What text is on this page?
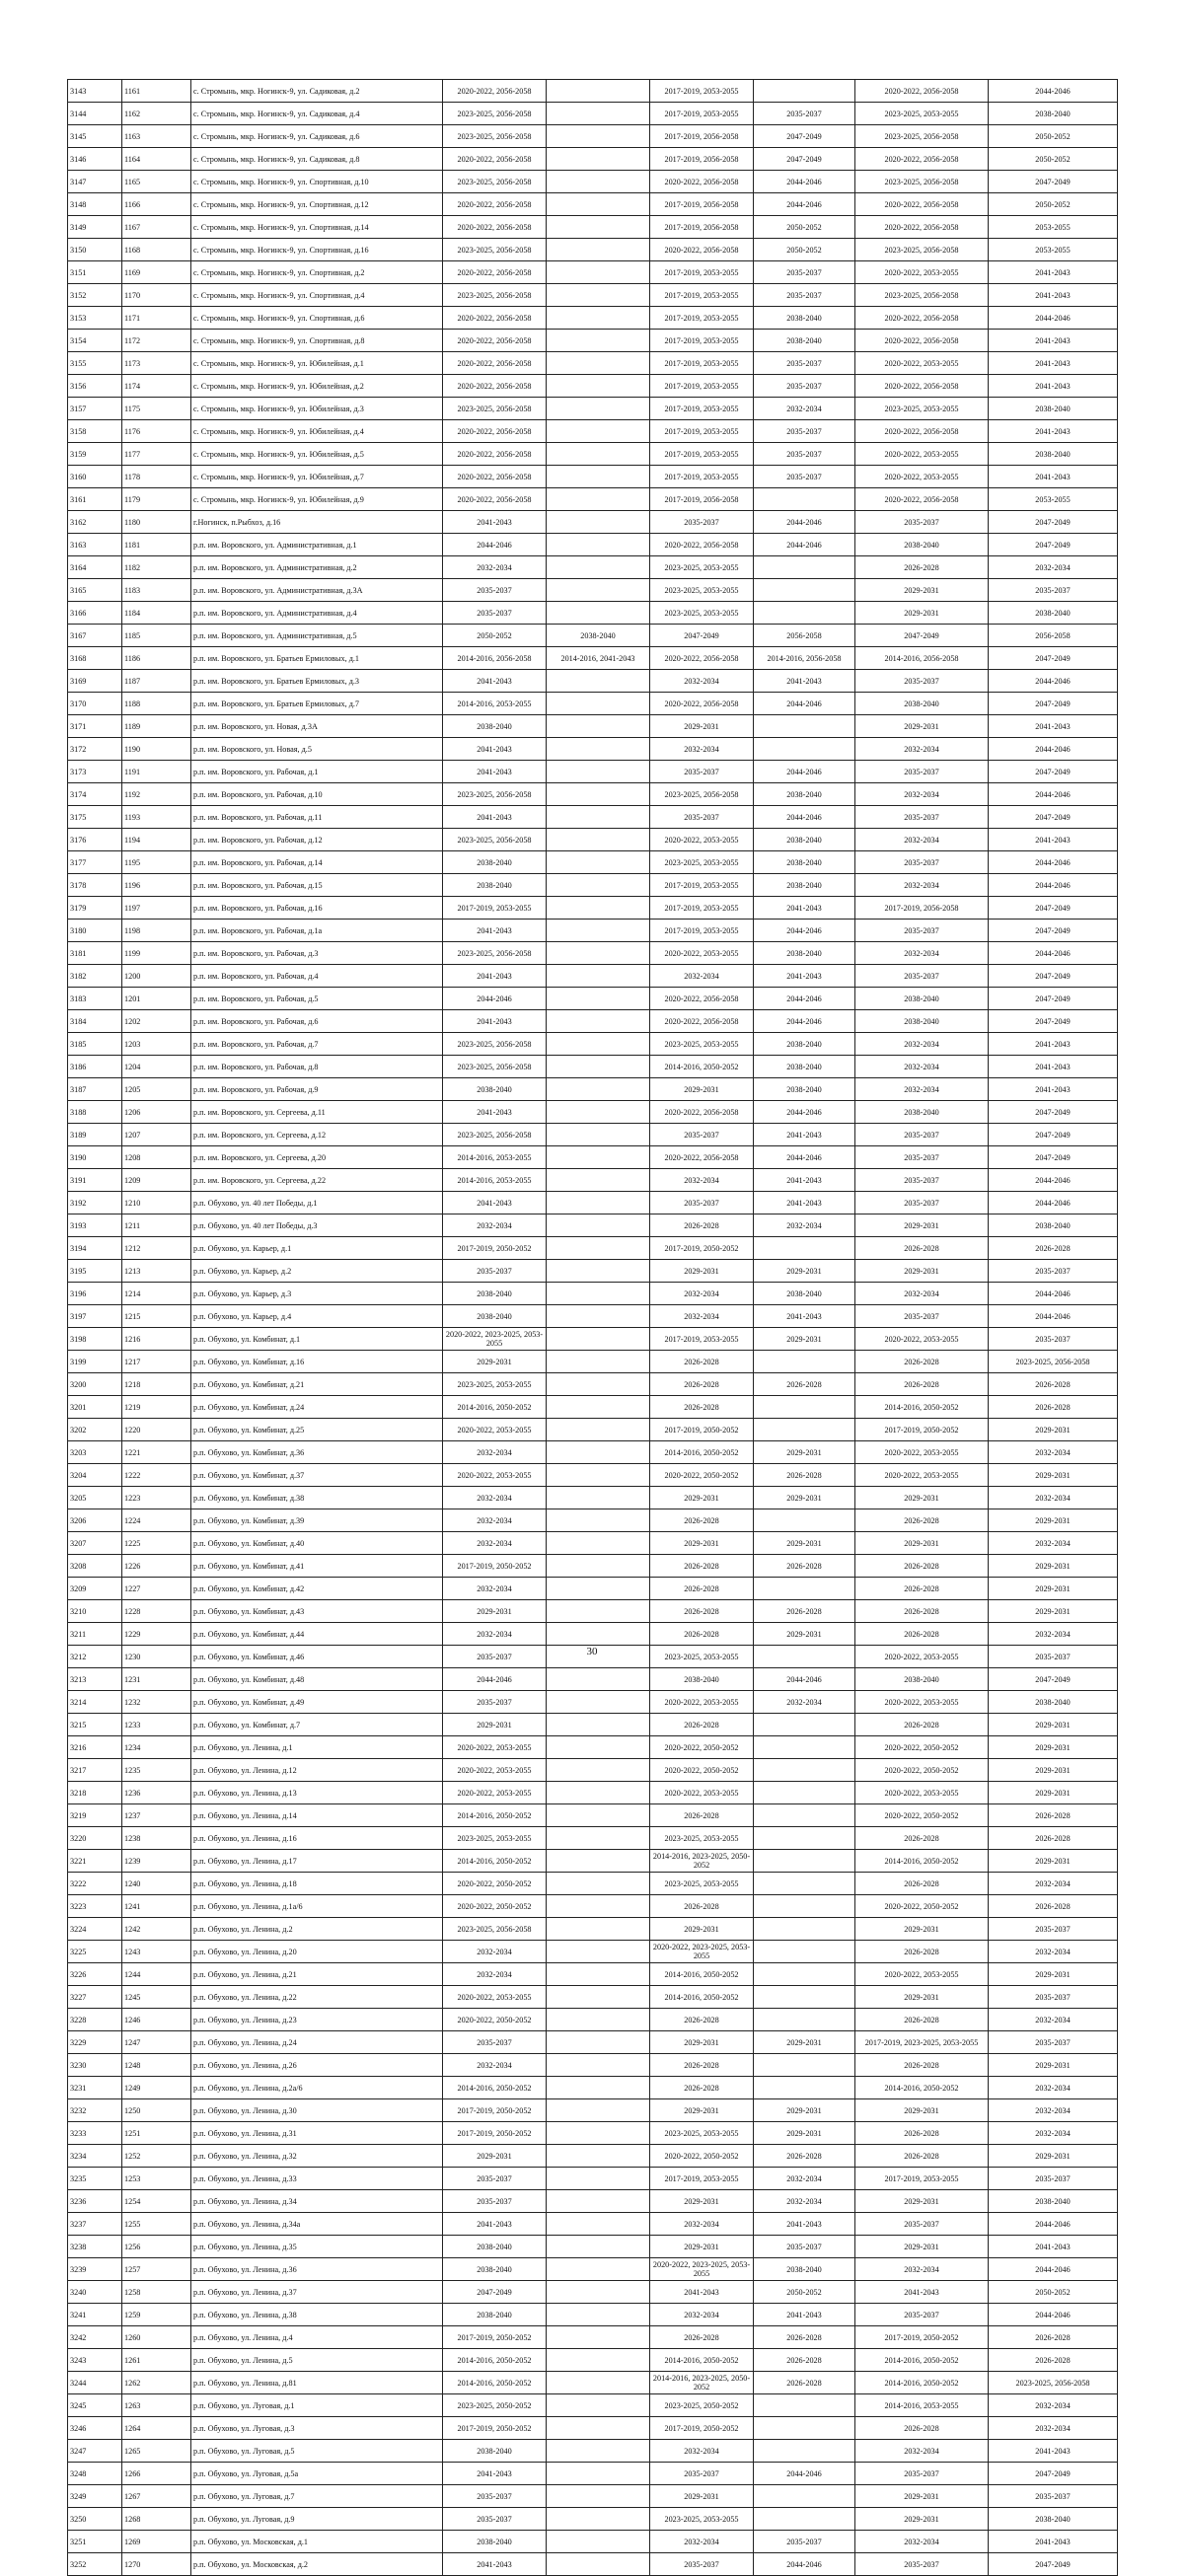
3143	1161	с. Стромынь, мкр. Ногинск-9, ул. Садиковая, д.2	2020-2022, 2056-2058		2017-2019, 2053-2055		2020-2022, 2056-2058	2044-2046
3144	1162	с. Стромынь, мкр. Ногинск-9, ул. Садиковая, д.4	2023-2025, 2056-2058		2017-2019, 2053-2055	2035-2037	2023-2025, 2053-2055	2038-2040
3145	1163	с. Стромынь, мкр. Ногинск-9, ул. Садиковая, д.6	2023-2025, 2056-2058		2017-2019, 2056-2058	2047-2049	2023-2025, 2056-2058	2050-2052
3146	1164	с. Стромынь, мкр. Ногинск-9, ул. Садиковая, д.8	2020-2022, 2056-2058		2017-2019, 2056-2058	2047-2049	2020-2022, 2056-2058	2050-2052
3147	1165	с. Стромынь, мкр. Ногинск-9, ул. Спортивная, д.10	2023-2025, 2056-2058		2020-2022, 2056-2058	2044-2046	2023-2025, 2056-2058	2047-2049
3148	1166	с. Стромынь, мкр. Ногинск-9, ул. Спортивная, д.12	2020-2022, 2056-2058		2017-2019, 2056-2058	2044-2046	2020-2022, 2056-2058	2050-2052
3149	1167	с. Стромынь, мкр. Ногинск-9, ул. Спортивная, д.14	2020-2022, 2056-2058		2017-2019, 2056-2058	2050-2052	2020-2022, 2056-2058	2053-2055
3150	1168	с. Стромынь, мкр. Ногинск-9, ул. Спортивная, д.16	2023-2025, 2056-2058		2020-2022, 2056-2058	2050-2052	2023-2025, 2056-2058	2053-2055
3151	1169	с. Стромынь, мкр. Ногинск-9, ул. Спортивная, д.2	2020-2022, 2056-2058		2017-2019, 2053-2055	2035-2037	2020-2022, 2053-2055	2041-2043
3152	1170	с. Стромынь, мкр. Ногинск-9, ул. Спортивная, д.4	2023-2025, 2056-2058		2017-2019, 2053-2055	2035-2037	2023-2025, 2056-2058	2041-2043
3153	1171	с. Стромынь, мкр. Ногинск-9, ул. Спортивная, д.6	2020-2022, 2056-2058		2017-2019, 2053-2055	2038-2040	2020-2022, 2056-2058	2044-2046
3154	1172	с. Стромынь, мкр. Ногинск-9, ул. Спортивная, д.8	2020-2022, 2056-2058		2017-2019, 2053-2055	2038-2040	2020-2022, 2056-2058	2041-2043
3155	1173	с. Стромынь, мкр. Ногинск-9, ул. Юбилейная, д.1	2020-2022, 2056-2058		2017-2019, 2053-2055	2035-2037	2020-2022, 2053-2055	2041-2043
3156	1174	с. Стромынь, мкр. Ногинск-9, ул. Юбилейная, д.2	2020-2022, 2056-2058		2017-2019, 2053-2055	2035-2037	2020-2022, 2056-2058	2041-2043
3157	1175	с. Стромынь, мкр. Ногинск-9, ул. Юбилейная, д.3	2023-2025, 2056-2058		2017-2019, 2053-2055	2032-2034	2023-2025, 2053-2055	2038-2040
3158	1176	с. Стромынь, мкр. Ногинск-9, ул. Юбилейная, д.4	2020-2022, 2056-2058		2017-2019, 2053-2055	2035-2037	2020-2022, 2056-2058	2041-2043
3159	1177	с. Стромынь, мкр. Ногинск-9, ул. Юбилейная, д.5	2020-2022, 2056-2058		2017-2019, 2053-2055	2035-2037	2020-2022, 2053-2055	2038-2040
3160	1178	с. Стромынь, мкр. Ногинск-9, ул. Юбилейная, д.7	2020-2022, 2056-2058		2017-2019, 2053-2055	2035-2037	2020-2022, 2053-2055	2041-2043
3161	1179	с. Стромынь, мкр. Ногинск-9, ул. Юбилейная, д.9	2020-2022, 2056-2058		2017-2019, 2056-2058		2020-2022, 2056-2058	2053-2055
3162	1180	г.Ногинск, п.Рыбхоз, д.16	2041-2043		2035-2037	2044-2046	2035-2037	2047-2049
3163	1181	р.п. им. Воровского, ул. Административная, д.1	2044-2046		2020-2022, 2056-2058	2044-2046	2038-2040	2047-2049
3164	1182	р.п. им. Воровского, ул. Административная, д.2	2032-2034		2023-2025, 2053-2055		2026-2028	2032-2034
3165	1183	р.п. им. Воровского, ул. Административная, д.3А	2035-2037		2023-2025, 2053-2055		2029-2031	2035-2037
3166	1184	р.п. им. Воровского, ул. Административная, д.4	2035-2037		2023-2025, 2053-2055		2029-2031	2038-2040
3167	1185	р.п. им. Воровского, ул. Административная, д.5	2050-2052	2038-2040	2047-2049	2056-2058	2047-2049	2056-2058
3168	1186	р.п. им. Воровского, ул. Братьев Ермиловых, д.1	2014-2016, 2056-2058	2014-2016, 2041-2043	2020-2022, 2056-2058	2014-2016, 2056-2058	2014-2016, 2056-2058	2047-2049
3169	1187	р.п. им. Воровского, ул. Братьев Ермиловых, д.3	2041-2043		2032-2034	2041-2043	2035-2037	2044-2046
3170	1188	р.п. им. Воровского, ул. Братьев Ермиловых, д.7	2014-2016, 2053-2055		2020-2022, 2056-2058	2044-2046	2038-2040	2047-2049
3171	1189	р.п. им. Воровского, ул. Новая, д.3А	2038-2040		2029-2031		2029-2031	2041-2043
3172	1190	р.п. им. Воровского, ул. Новая, д.5	2041-2043		2032-2034		2032-2034	2044-2046
3173	1191	р.п. им. Воровского, ул. Рабочая, д.1	2041-2043		2035-2037	2044-2046	2035-2037	2047-2049
3174	1192	р.п. им. Воровского, ул. Рабочая, д.10	2023-2025, 2056-2058		2023-2025, 2056-2058	2038-2040	2032-2034	2044-2046
3175	1193	р.п. им. Воровского, ул. Рабочая, д.11	2041-2043		2035-2037	2044-2046	2035-2037	2047-2049
3176	1194	р.п. им. Воровского, ул. Рабочая, д.12	2023-2025, 2056-2058		2020-2022, 2053-2055	2038-2040	2032-2034	2041-2043
3177	1195	р.п. им. Воровского, ул. Рабочая, д.14	2038-2040		2023-2025, 2053-2055	2038-2040	2035-2037	2044-2046
3178	1196	р.п. им. Воровского, ул. Рабочая, д.15	2038-2040		2017-2019, 2053-2055	2038-2040	2032-2034	2044-2046
3179	1197	р.п. им. Воровского, ул. Рабочая, д.16	2017-2019, 2053-2055		2017-2019, 2053-2055	2041-2043	2017-2019, 2056-2058	2047-2049
3180	1198	р.п. им. Воровского, ул. Рабочая, д.1а	2041-2043		2017-2019, 2053-2055	2044-2046	2035-2037	2047-2049
3181	1199	р.п. им. Воровского, ул. Рабочая, д.3	2023-2025, 2056-2058		2020-2022, 2053-2055	2038-2040	2032-2034	2044-2046
3182	1200	р.п. им. Воровского, ул. Рабочая, д.4	2041-2043		2032-2034	2041-2043	2035-2037	2047-2049
3183	1201	р.п. им. Воровского, ул. Рабочая, д.5	2044-2046		2020-2022, 2056-2058	2044-2046	2038-2040	2047-2049
3184	1202	р.п. им. Воровского, ул. Рабочая, д.6	2041-2043		2020-2022, 2056-2058	2044-2046	2038-2040	2047-2049
3185	1203	р.п. им. Воровского, ул. Рабочая, д.7	2023-2025, 2056-2058		2023-2025, 2053-2055	2038-2040	2032-2034	2041-2043
3186	1204	р.п. им. Воровского, ул. Рабочая, д.8	2023-2025, 2056-2058		2014-2016, 2050-2052	2038-2040	2032-2034	2041-2043
3187	1205	р.п. им. Воровского, ул. Рабочая, д.9	2038-2040		2029-2031	2038-2040	2032-2034	2041-2043
3188	1206	р.п. им. Воровского, ул. Сергеева, д.11	2041-2043		2020-2022, 2056-2058	2044-2046	2038-2040	2047-2049
3189	1207	р.п. им. Воровского, ул. Сергеева, д.12	2023-2025, 2056-2058		2035-2037	2041-2043	2035-2037	2047-2049
3190	1208	р.п. им. Воровского, ул. Сергеева, д.20	2014-2016, 2053-2055		2020-2022, 2056-2058	2044-2046	2035-2037	2047-2049
3191	1209	р.п. им. Воровского, ул. Сергеева, д.22	2014-2016, 2053-2055		2032-2034	2041-2043	2035-2037	2044-2046
3192	1210	р.п. Обухово, ул. 40 лет Победы, д.1	2041-2043		2035-2037	2041-2043	2035-2037	2044-2046
3193	1211	р.п. Обухово, ул. 40 лет Победы, д.3	2032-2034		2026-2028	2032-2034	2029-2031	2038-2040
3194	1212	р.п. Обухово, ул. Карьер, д.1	2017-2019, 2050-2052		2017-2019, 2050-2052		2026-2028	2026-2028
3195	1213	р.п. Обухово, ул. Карьер, д.2	2035-2037		2029-2031	2029-2031	2029-2031	2035-2037
3196	1214	р.п. Обухово, ул. Карьер, д.3	2038-2040		2032-2034	2038-2040	2032-2034	2044-2046
3197	1215	р.п. Обухово, ул. Карьер, д.4	2038-2040		2032-2034	2041-2043	2035-2037	2044-2046
3198	1216	р.п. Обухово, ул. Комбинат, д.1	2020-2022, 2023-2025, 2053-2055		2017-2019, 2053-2055	2029-2031	2020-2022, 2053-2055	2035-2037
3199	1217	р.п. Обухово, ул. Комбинат, д.16	2029-2031		2026-2028		2026-2028	2023-2025, 2056-2058
3200	1218	р.п. Обухово, ул. Комбинат, д.21	2023-2025, 2053-2055		2026-2028	2026-2028	2026-2028	2026-2028
3201	1219	р.п. Обухово, ул. Комбинат, д.24	2014-2016, 2050-2052		2026-2028		2014-2016, 2050-2052	2026-2028
3202	1220	р.п. Обухово, ул. Комбинат, д.25	2020-2022, 2053-2055		2017-2019, 2050-2052		2017-2019, 2050-2052	2029-2031
3203	1221	р.п. Обухово, ул. Комбинат, д.36	2032-2034		2014-2016, 2050-2052	2029-2031	2020-2022, 2053-2055	2032-2034
3204	1222	р.п. Обухово, ул. Комбинат, д.37	2020-2022, 2053-2055		2020-2022, 2050-2052	2026-2028	2020-2022, 2053-2055	2029-2031
3205	1223	р.п. Обухово, ул. Комбинат, д.38	2032-2034		2029-2031	2029-2031	2029-2031	2032-2034
3206	1224	р.п. Обухово, ул. Комбинат, д.39	2032-2034		2026-2028		2026-2028	2029-2031
3207	1225	р.п. Обухово, ул. Комбинат, д.40	2032-2034		2029-2031	2029-2031	2029-2031	2032-2034
3208	1226	р.п. Обухово, ул. Комбинат, д.41	2017-2019, 2050-2052		2026-2028	2026-2028	2026-2028	2029-2031
3209	1227	р.п. Обухово, ул. Комбинат, д.42	2032-2034		2026-2028		2026-2028	2029-2031
3210	1228	р.п. Обухово, ул. Комбинат, д.43	2029-2031		2026-2028	2026-2028	2026-2028	2029-2031
3211	1229	р.п. Обухово, ул. Комбинат, д.44	2032-2034		2026-2028	2029-2031	2026-2028	2032-2034
3212	1230	р.п. Обухово, ул. Комбинат, д.46	2035-2037		2023-2025, 2053-2055		2020-2022, 2053-2055	2035-2037
3213	1231	р.п. Обухово, ул. Комбинат, д.48	2044-2046		2038-2040	2044-2046	2038-2040	2047-2049
3214	1232	р.п. Обухово, ул. Комбинат, д.49	2035-2037		2020-2022, 2053-2055	2032-2034	2020-2022, 2053-2055	2038-2040
3215	1233	р.п. Обухово, ул. Комбинат, д.7	2029-2031		2026-2028		2026-2028	2029-2031
3216	1234	р.п. Обухово, ул. Ленина, д.1	2020-2022, 2053-2055		2020-2022, 2050-2052		2020-2022, 2050-2052	2029-2031
3217	1235	р.п. Обухово, ул. Ленина, д.12	2020-2022, 2053-2055		2020-2022, 2050-2052		2020-2022, 2050-2052	2029-2031
3218	1236	р.п. Обухово, ул. Ленина, д.13	2020-2022, 2053-2055		2020-2022, 2053-2055		2020-2022, 2053-2055	2029-2031
3219	1237	р.п. Обухово, ул. Ленина, д.14	2014-2016, 2050-2052		2026-2028		2020-2022, 2050-2052	2026-2028
3220	1238	р.п. Обухово, ул. Ленина, д.16	2023-2025, 2053-2055		2023-2025, 2053-2055		2026-2028	2026-2028
3221	1239	р.п. Обухово, ул. Ленина, д.17	2014-2016, 2050-2052		2014-2016, 2023-2025, 2050-2052		2014-2016, 2050-2052	2029-2031
3222	1240	р.п. Обухово, ул. Ленина, д.18	2020-2022, 2050-2052		2023-2025, 2053-2055		2026-2028	2032-2034
3223	1241	р.п. Обухово, ул. Ленина, д.1а/6	2020-2022, 2050-2052		2026-2028		2020-2022, 2050-2052	2026-2028
3224	1242	р.п. Обухово, ул. Ленина, д.2	2023-2025, 2056-2058		2029-2031		2029-2031	2035-2037
3225	1243	р.п. Обухово, ул. Ленина, д.20	2032-2034		2020-2022, 2023-2025, 2053-2055		2026-2028	2032-2034
3226	1244	р.п. Обухово, ул. Ленина, д.21	2032-2034		2014-2016, 2050-2052		2020-2022, 2053-2055	2029-2031
3227	1245	р.п. Обухово, ул. Ленина, д.22	2020-2022, 2053-2055		2014-2016, 2050-2052		2029-2031	2035-2037
3228	1246	р.п. Обухово, ул. Ленина, д.23	2020-2022, 2050-2052		2026-2028		2026-2028	2032-2034
3229	1247	р.п. Обухово, ул. Ленина, д.24	2035-2037		2029-2031	2029-2031	2017-2019, 2023-2025, 2053-2055	2035-2037
3230	1248	р.п. Обухово, ул. Ленина, д.26	2032-2034		2026-2028		2026-2028	2029-2031
3231	1249	р.п. Обухово, ул. Ленина, д.2а/6	2014-2016, 2050-2052		2026-2028		2014-2016, 2050-2052	2032-2034
3232	1250	р.п. Обухово, ул. Ленина, д.30	2017-2019, 2050-2052		2029-2031	2029-2031	2029-2031	2032-2034
3233	1251	р.п. Обухово, ул. Ленина, д.31	2017-2019, 2050-2052		2023-2025, 2053-2055	2029-2031	2026-2028	2032-2034
3234	1252	р.п. Обухово, ул. Ленина, д.32	2029-2031		2020-2022, 2050-2052	2026-2028	2026-2028	2029-2031
3235	1253	р.п. Обухово, ул. Ленина, д.33	2035-2037		2017-2019, 2053-2055	2032-2034	2017-2019, 2053-2055	2035-2037
3236	1254	р.п. Обухово, ул. Ленина, д.34	2035-2037		2029-2031	2032-2034	2029-2031	2038-2040
3237	1255	р.п. Обухово, ул. Ленина, д.34а	2041-2043		2032-2034	2041-2043	2035-2037	2044-2046
3238	1256	р.п. Обухово, ул. Ленина, д.35	2038-2040		2029-2031	2035-2037	2029-2031	2041-2043
3239	1257	р.п. Обухово, ул. Ленина, д.36	2038-2040		2020-2022, 2023-2025, 2053-2055	2038-2040	2032-2034	2044-2046
3240	1258	р.п. Обухово, ул. Ленина, д.37	2047-2049		2041-2043	2050-2052	2041-2043	2050-2052
3241	1259	р.п. Обухово, ул. Ленина, д.38	2038-2040		2032-2034	2041-2043	2035-2037	2044-2046
3242	1260	р.п. Обухово, ул. Ленина, д.4	2017-2019, 2050-2052		2026-2028	2026-2028	2017-2019, 2050-2052	2026-2028
3243	1261	р.п. Обухово, ул. Ленина, д.5	2014-2016, 2050-2052		2014-2016, 2050-2052	2026-2028	2014-2016, 2050-2052	2026-2028
3244	1262	р.п. Обухово, ул. Ленина, д.81	2014-2016, 2050-2052		2014-2016, 2023-2025, 2050-2052	2026-2028	2014-2016, 2050-2052	2023-2025, 2056-2058
3245	1263	р.п. Обухово, ул. Луговая, д.1	2023-2025, 2050-2052		2023-2025, 2050-2052		2014-2016, 2053-2055	2032-2034
3246	1264	р.п. Обухово, ул. Луговая, д.3	2017-2019, 2050-2052		2017-2019, 2050-2052		2026-2028	2032-2034
3247	1265	р.п. Обухово, ул. Луговая, д.5	2038-2040		2032-2034		2032-2034	2041-2043
3248	1266	р.п. Обухово, ул. Луговая, д.5а	2041-2043		2035-2037	2044-2046	2035-2037	2047-2049
3249	1267	р.п. Обухово, ул. Луговая, д.7	2035-2037		2029-2031		2029-2031	2035-2037
3250	1268	р.п. Обухово, ул. Луговая, д.9	2035-2037		2023-2025, 2053-2055		2029-2031	2038-2040
3251	1269	р.п. Обухово, ул. Московская, д.1	2038-2040		2032-2034	2035-2037	2032-2034	2041-2043
3252	1270	р.п. Обухово, ул. Московская, д.2	2041-2043		2035-2037	2044-2046	2035-2037	2047-2049
30
